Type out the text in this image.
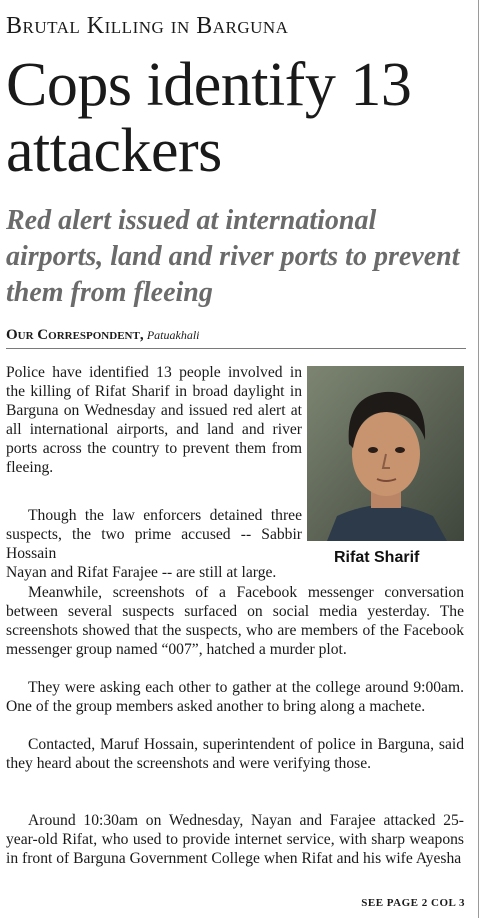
Brutal Killing in Barguna
Cops identify 13 attackers
Red alert issued at international airports, land and river ports to prevent them from fleeing
Our Correspondent, Patuakhali
Rifat Sharif

Police have identified 13 people involved in the killing of Rifat Sharif in broad daylight in Barguna on Wednesday and issued red alert at all international airports, and land and river ports across the country to prevent them from fleeing.

Though the law enforcers detained three suspects, the two prime accused -- Sabbir Hossain

Nayan and Rifat Farajee -- are still at large.

Meanwhile, screenshots of a Facebook messenger conversation between several suspects surfaced on social media yesterday. The screenshots showed that the suspects, who are members of the Facebook messenger group named “007”, hatched a murder plot.

They were asking each other to gather at the college around 9:00am. One of the group members asked another to bring along a machete.

Contacted, Maruf Hossain, superintendent of police in Barguna, said they heard about the screenshots and were verifying those.

Around 10:30am on Wednesday, Nayan and Farajee attacked 25-year-old Rifat, who used to provide internet service, with sharp weapons in front of Barguna Government College when Rifat and his wife Ayesha

SEE PAGE 2 COL 3
